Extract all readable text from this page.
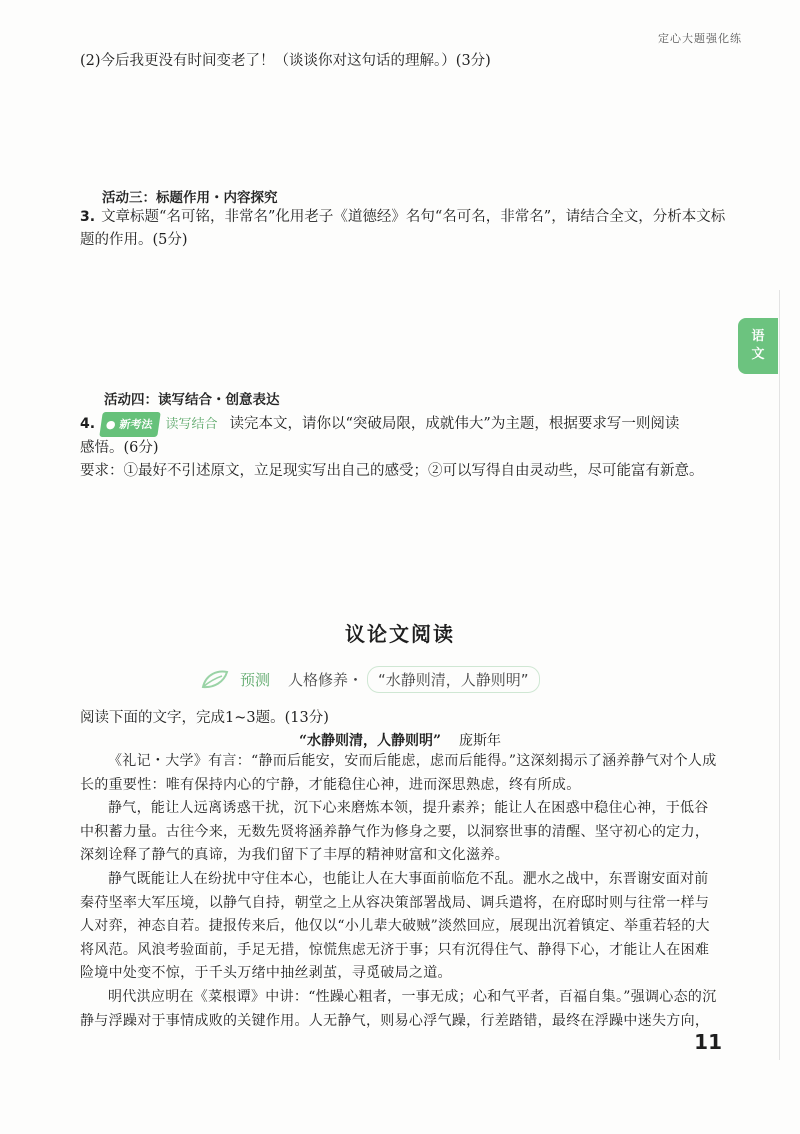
定心大题强化练
语
文
(2)今后我更没有时间变老了！（谈谈你对这句话的理解。）(3分)
活动三：标题作用・内容探究
3. 文章标题“名可铭，非常名”化用老子《道德经》名句“名可名，非常名”，请结合全文，分析本文标
题的作用。(5分)
活动四：读写结合・创意表达
4. ● 新考法 读写结合 读完本文，请你以“突破局限，成就伟大”为主题，根据要求写一则阅读
感悟。(6分)
要求：①最好不引述原文，立足现实写出自己的感受；②可以写得自由灵动些，尽可能富有新意。
议论文阅读
预测 人格修养・	“水静则清，人静则明”
阅读下面的文字，完成1~3题。(13分)
“水静则清，人静则明” 庞斯年

《礼记・大学》有言：“静而后能安，安而后能虑，虑而后能得。”这深刻揭示了涵养静气对个人成长的重要性：唯有保持内心的宁静，才能稳住心神，进而深思熟虑，终有所成。

静气，能让人远离诱惑干扰，沉下心来磨炼本领，提升素养；能让人在困惑中稳住心神，于低谷中积蓄力量。古往今来，无数先贤将涵养静气作为修身之要，以洞察世事的清醒、坚守初心的定力，深刻诠释了静气的真谛，为我们留下了丰厚的精神财富和文化滋养。

静气既能让人在纷扰中守住本心，也能让人在大事面前临危不乱。淝水之战中，东晋谢安面对前秦苻坚率大军压境，以静气自持，朝堂之上从容决策部署战局、调兵遣将，在府邸时则与往常一样与人对弈，神态自若。捷报传来后，他仅以“小儿辈大破贼”淡然回应，展现出沉着镇定、举重若轻的大将风范。风浪考验面前，手足无措，惊慌焦虑无济于事；只有沉得住气、静得下心，才能让人在困难险境中处变不惊，于千头万绪中抽丝剥茧，寻觅破局之道。

明代洪应明在《菜根谭》中讲：“性躁心粗者，一事无成；心和气平者，百福自集。”强调心态的沉静与浮躁对于事情成败的关键作用。人无静气，则易心浮气躁，行差踏错，最终在浮躁中迷失方向，

11
